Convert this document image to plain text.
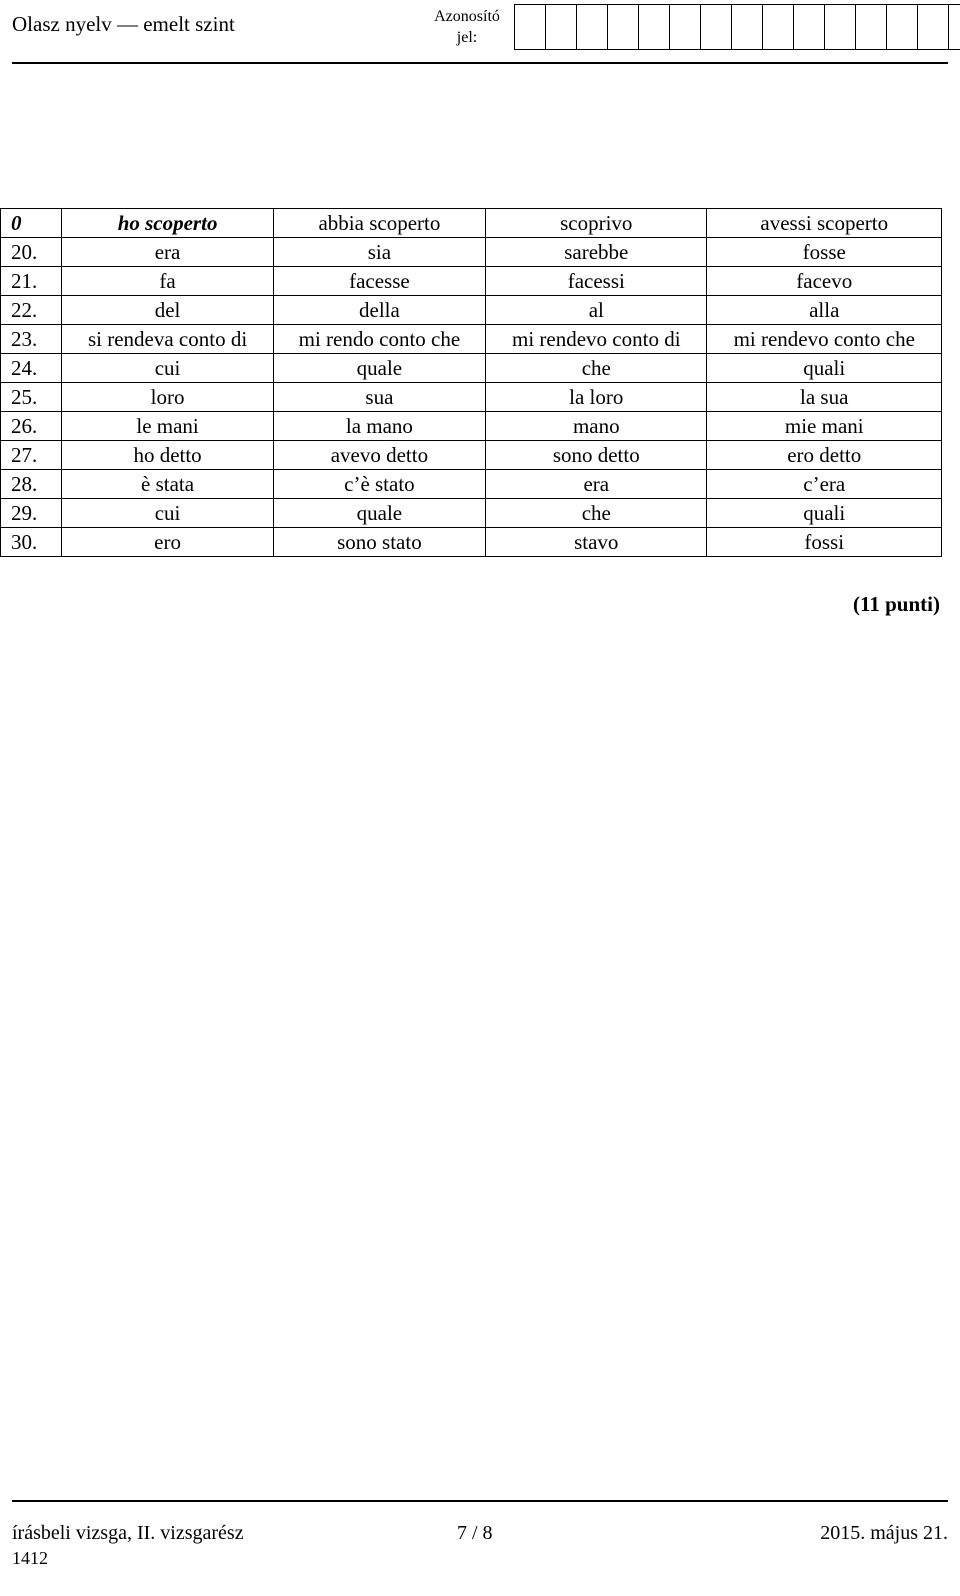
Olasz nyelv — emelt szint	Azonosító
jel:
0	ho scoperto	abbia scoperto	scoprivo	avessi scoperto
20.	era	sia	sarebbe	fosse
21.	fa	facesse	facessi	facevo
22.	del	della	al	alla
23.	si rendeva conto di	mi rendo conto che	mi rendevo conto di	mi rendevo conto che
24.	cui	quale	che	quali
25.	loro	sua	la loro	la sua
26.	le mani	la mano	mano	mie mani
27.	ho detto	avevo detto	sono detto	ero detto
28.	è stata	c’è stato	era	c’era
29.	cui	quale	che	quali
30.	ero	sono stato	stavo	fossi
(11 punti)
írásbeli vizsga, II. vizsgarész	7 / 8	2015. május 21.
1412
